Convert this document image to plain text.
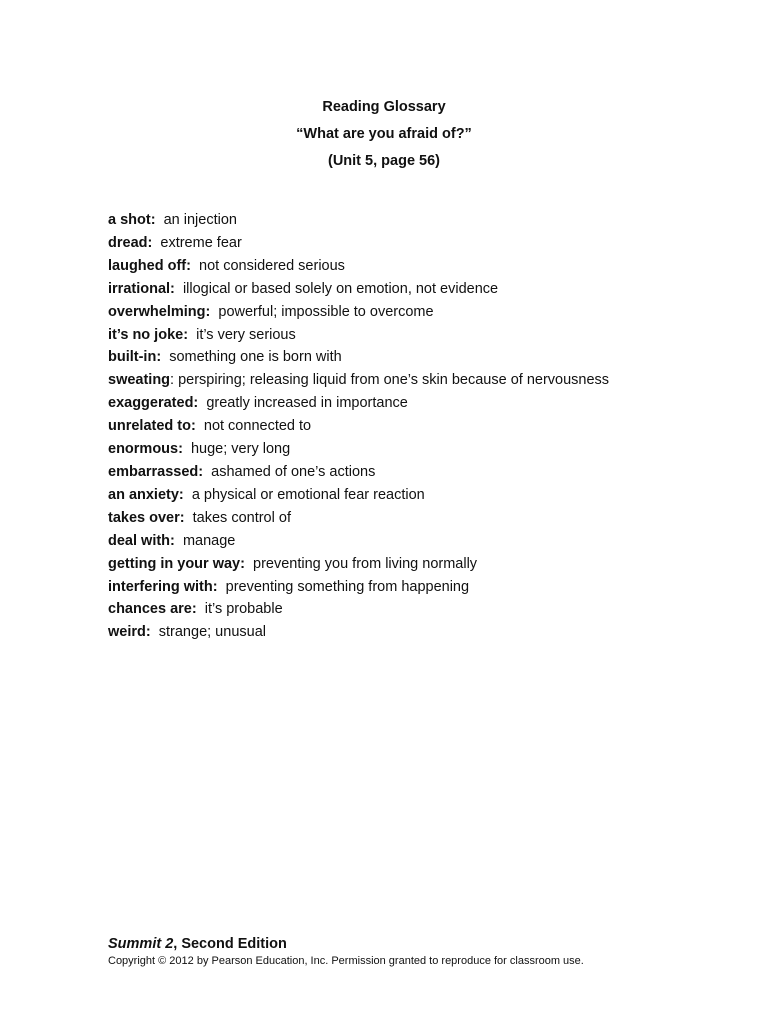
Reading Glossary
“What are you afraid of?”
(Unit 5, page 56)
a shot: an injection
dread: extreme fear
laughed off: not considered serious
irrational: illogical or based solely on emotion, not evidence
overwhelming: powerful; impossible to overcome
it’s no joke: it’s very serious
built-in: something one is born with
sweating: perspiring; releasing liquid from one’s skin because of nervousness
exaggerated: greatly increased in importance
unrelated to: not connected to
enormous: huge; very long
embarrassed: ashamed of one’s actions
an anxiety: a physical or emotional fear reaction
takes over: takes control of
deal with: manage
getting in your way: preventing you from living normally
interfering with: preventing something from happening
chances are: it’s probable
weird: strange; unusual
Summit 2, Second Edition
Copyright © 2012 by Pearson Education, Inc. Permission granted to reproduce for classroom use.
